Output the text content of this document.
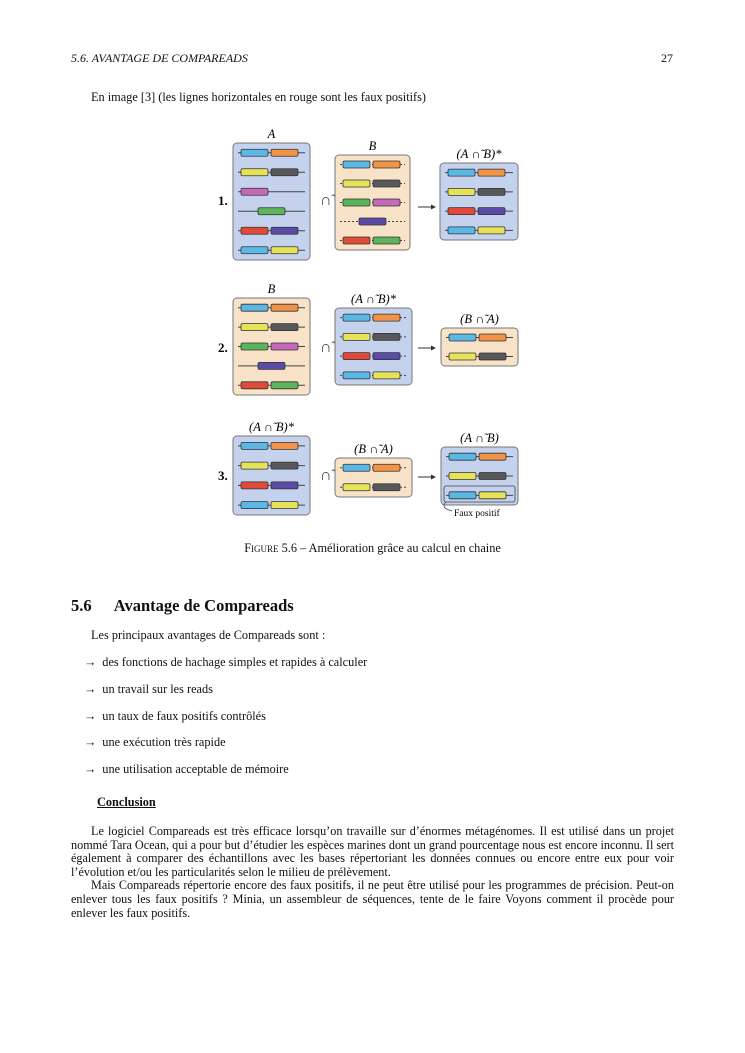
5.6. AVANTAGE DE COMPAREADS	27
En image [3] (les lignes horizontales en rouge sont les faux positifs)
1.	∩̃
A
B
(A ∩̃ B)*
2.	∩̃
B
(A ∩̃ B)*
(B ∩̃ A)
3.	∩̃
(A ∩̃ B)*
(B ∩̃ A)
(A ∩̃ B)
Faux positif
Figure 5.6 – Amélioration grâce au calcul en chaine
5.6 Avantage de Compareads
Les principaux avantages de Compareads sont :
→ des fonctions de hachage simples et rapides à calculer
→ un travail sur les reads
→ un taux de faux positifs contrôlés
→ une exécution très rapide
→ une utilisation acceptable de mémoire
Conclusion

Le logiciel Compareads est très efficace lorsqu’on travaille sur d’énormes métagénomes. Il est utilisé dans un projet nommé Tara Ocean, qui a pour but d’étudier les espèces marines dont un grand pourcentage nous est encore inconnu. Il sert également à comparer des échantillons avec les bases répertoriant les données connues ou encore entre eux pour voir l’évolution et/ou les particularités selon le milieu de prélèvement.

Mais Compareads répertorie encore des faux positifs, il ne peut être utilisé pour les programmes de précision. Peut-on enlever tous les faux positifs ? Minia, un assembleur de séquences, tente de le faire Voyons comment il procède pour enlever les faux positifs.
